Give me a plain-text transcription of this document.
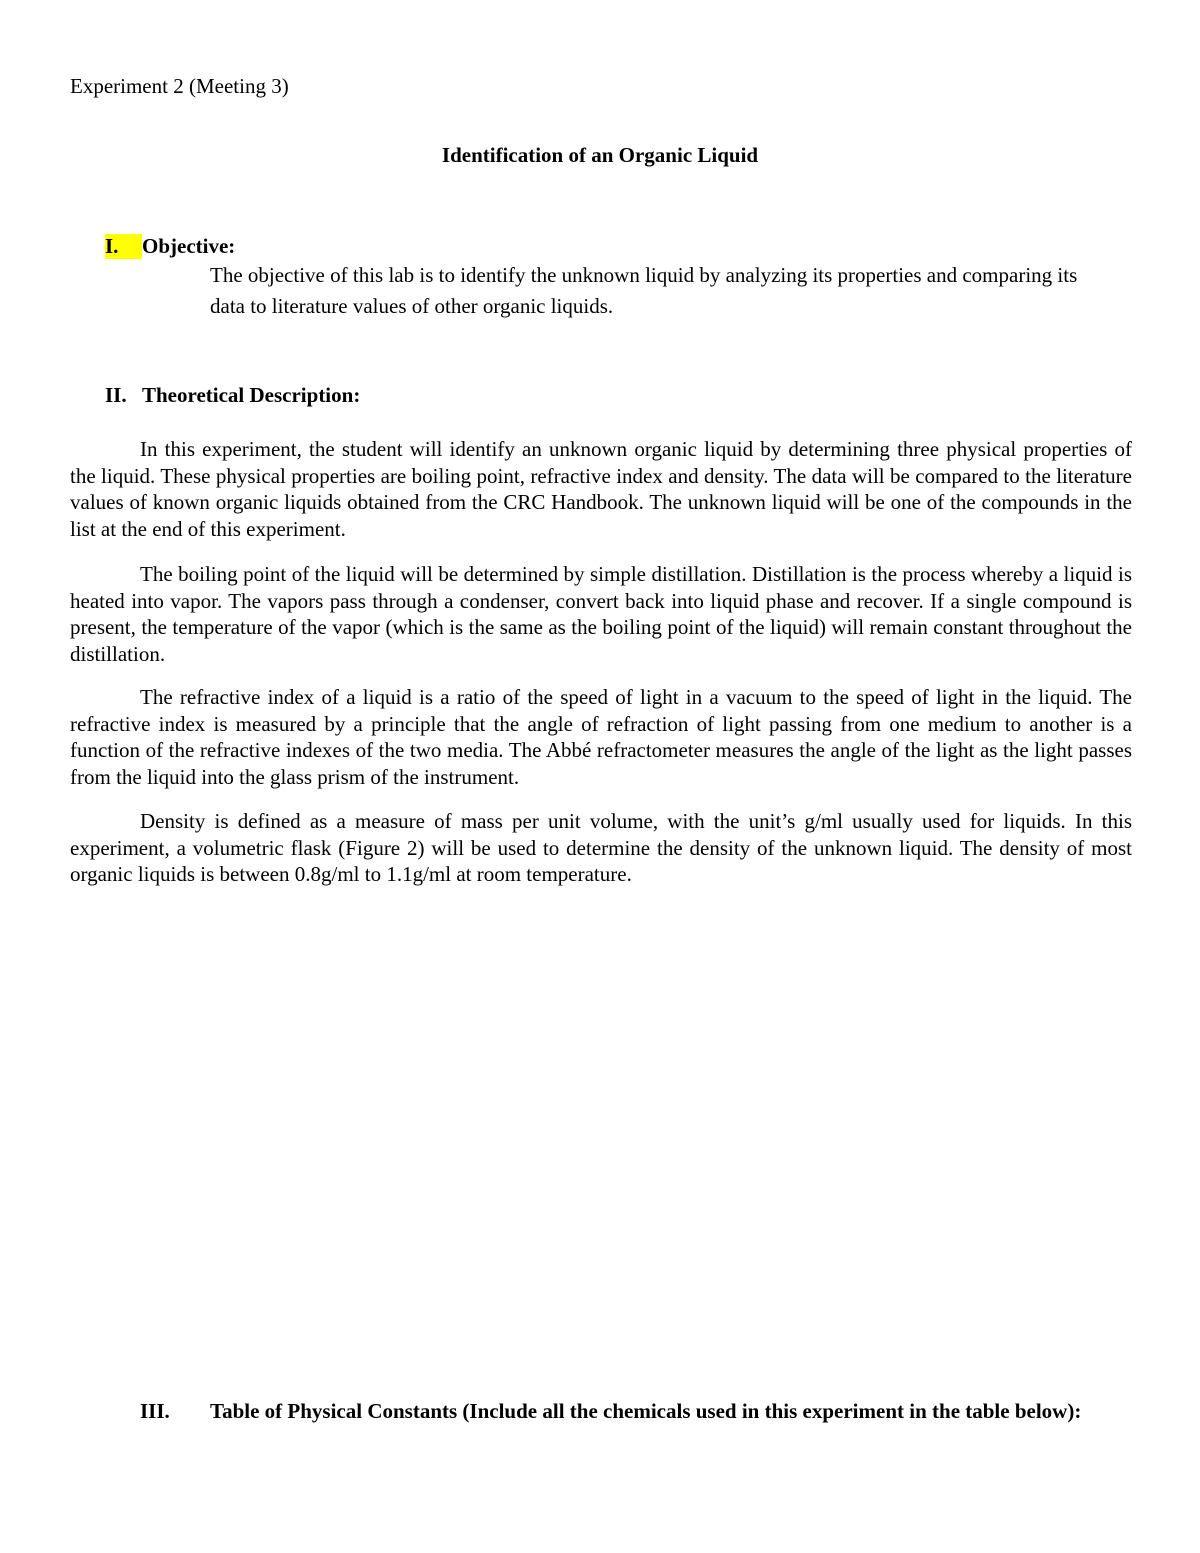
Experiment 2 (Meeting 3)
Identification of an Organic Liquid
I. Objective:
The objective of this lab is to identify the unknown liquid by analyzing its properties and comparing its data to literature values of other organic liquids.
II. Theoretical Description:
In this experiment, the student will identify an unknown organic liquid by determining three physical properties of the liquid. These physical properties are boiling point, refractive index and density. The data will be compared to the literature values of known organic liquids obtained from the CRC Handbook. The unknown liquid will be one of the compounds in the list at the end of this experiment.
The boiling point of the liquid will be determined by simple distillation. Distillation is the process whereby a liquid is heated into vapor. The vapors pass through a condenser, convert back into liquid phase and recover. If a single compound is present, the temperature of the vapor (which is the same as the boiling point of the liquid) will remain constant throughout the distillation.
The refractive index of a liquid is a ratio of the speed of light in a vacuum to the speed of light in the liquid. The refractive index is measured by a principle that the angle of refraction of light passing from one medium to another is a function of the refractive indexes of the two media. The Abbé refractometer measures the angle of the light as the light passes from the liquid into the glass prism of the instrument.
Density is defined as a measure of mass per unit volume, with the unit’s g/ml usually used for liquids. In this experiment, a volumetric flask (Figure 2) will be used to determine the density of the unknown liquid. The density of most organic liquids is between 0.8g/ml to 1.1g/ml at room temperature.
III. Table of Physical Constants (Include all the chemicals used in this experiment in the table below):
